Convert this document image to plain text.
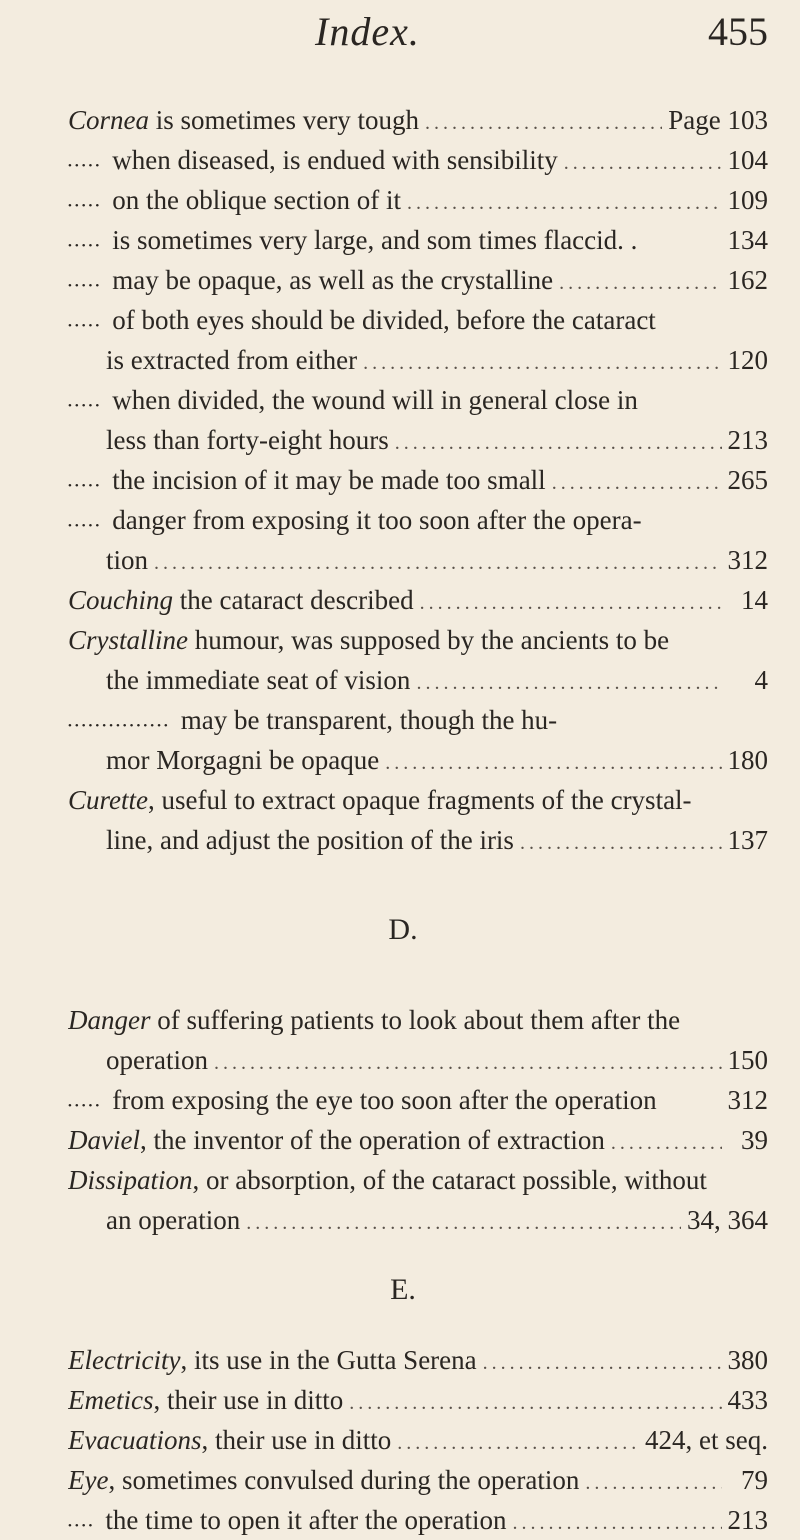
Index.	455
Cornea is sometimes very tough .....	Page 103
••••• when diseased, is endued with sensibility .....	104
••••• on the oblique section of it .....	109
••••• is sometimes very large, and som times flaccid. .	134
••••• may be opaque, as well as the crystalline .....	162
••••• of both eyes should be divided, before the cataract
is extracted from either .....	120
••••• when divided, the wound will in general close in
less than forty-eight hours .....	213
••••• the incision of it may be made too small .....	265
••••• danger from exposing it too soon after the opera-
tion .....	312
Couching the cataract described .....	14
Crystalline humour, was supposed by the ancients to be
the immediate seat of vision .....	4
••••• may be transparent, though the hu-
mor Morgagni be opaque .....	180
Curette, useful to extract opaque fragments of the crystal-
line, and adjust the position of the iris .....	137
D.
Danger of suffering patients to look about them after the
operation .....	150
••••• from exposing the eye too soon after the operation	312
Daviel, the inventor of the operation of extraction .....	39
Dissipation, or absorption, of the cataract possible, without
an operation .....	34, 364
E.
Electricity, its use in the Gutta Serena .....	380
Emetics, their use in ditto .....	433
Evacuations, their use in ditto .....	424, et seq.
Eye, sometimes convulsed during the operation .....	79
•••• the time to open it after the operation .....	213
